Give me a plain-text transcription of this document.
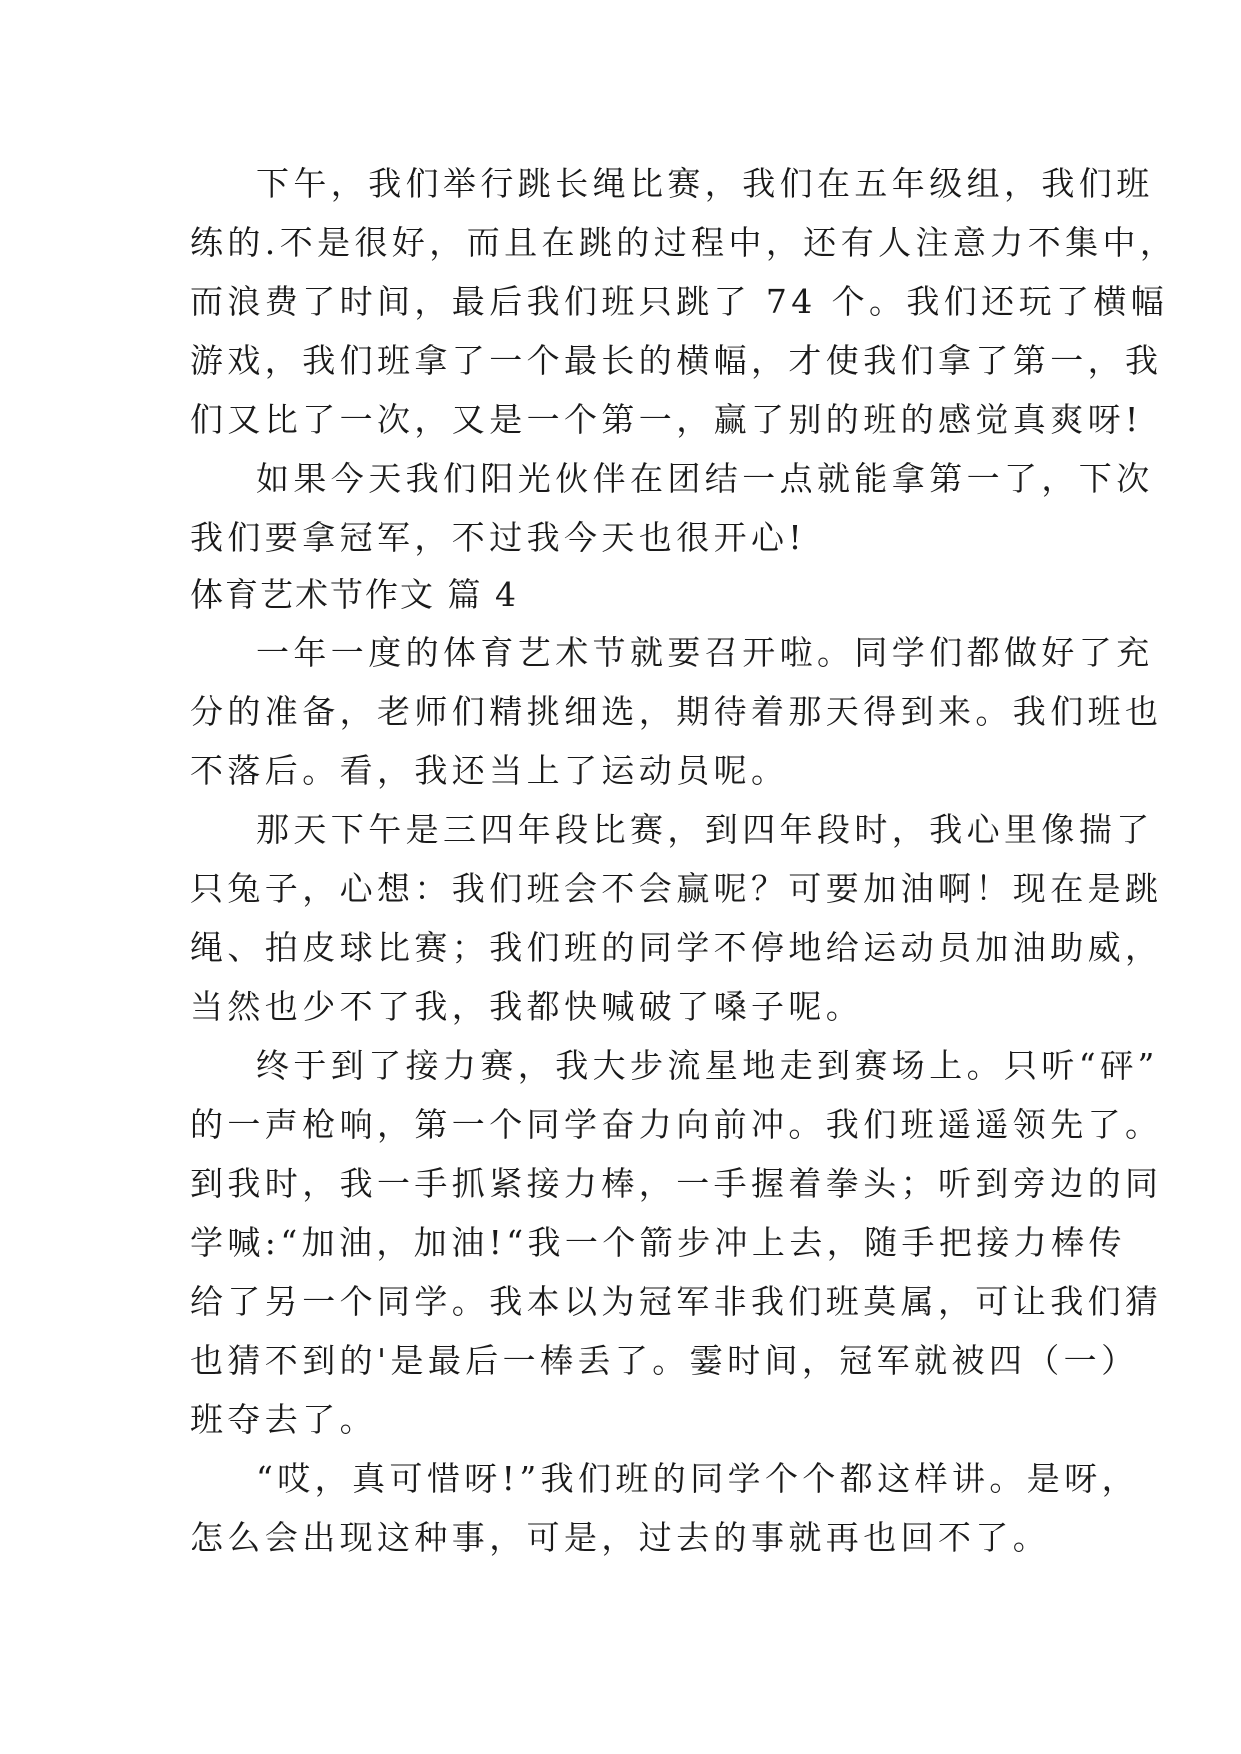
下午，我们举行跳长绳比赛，我们在五年级组，我们班
练的.不是很好，而且在跳的过程中，还有人注意力不集中，
而浪费了时间，最后我们班只跳了 74 个。我们还玩了横幅
游戏，我们班拿了一个最长的横幅，才使我们拿了第一，我
们又比了一次，又是一个第一，赢了别的班的感觉真爽呀!
如果今天我们阳光伙伴在团结一点就能拿第一了，下次
我们要拿冠军，不过我今天也很开心!
体育艺术节作文 篇 4
一年一度的体育艺术节就要召开啦。同学们都做好了充
分的准备，老师们精挑细选，期待着那天得到来。我们班也
不落后。看，我还当上了运动员呢。
那天下午是三四年段比赛，到四年段时，我心里像揣了
只兔子，心想：我们班会不会赢呢？可要加油啊！现在是跳
绳、拍皮球比赛；我们班的同学不停地给运动员加油助威，
当然也少不了我，我都快喊破了嗓子呢。
终于到了接力赛，我大步流星地走到赛场上。只听“砰”
的一声枪响，第一个同学奋力向前冲。我们班遥遥领先了。
到我时，我一手抓紧接力棒，一手握着拳头；听到旁边的同
学喊:“加油，加油!“我一个箭步冲上去，随手把接力棒传
给了另一个同学。我本以为冠军非我们班莫属，可让我们猜
也猜不到的'是最后一棒丢了。霎时间，冠军就被四（一）
班夺去了。
“哎，真可惜呀!”我们班的同学个个都这样讲。是呀，
怎么会出现这种事，可是，过去的事就再也回不了。
